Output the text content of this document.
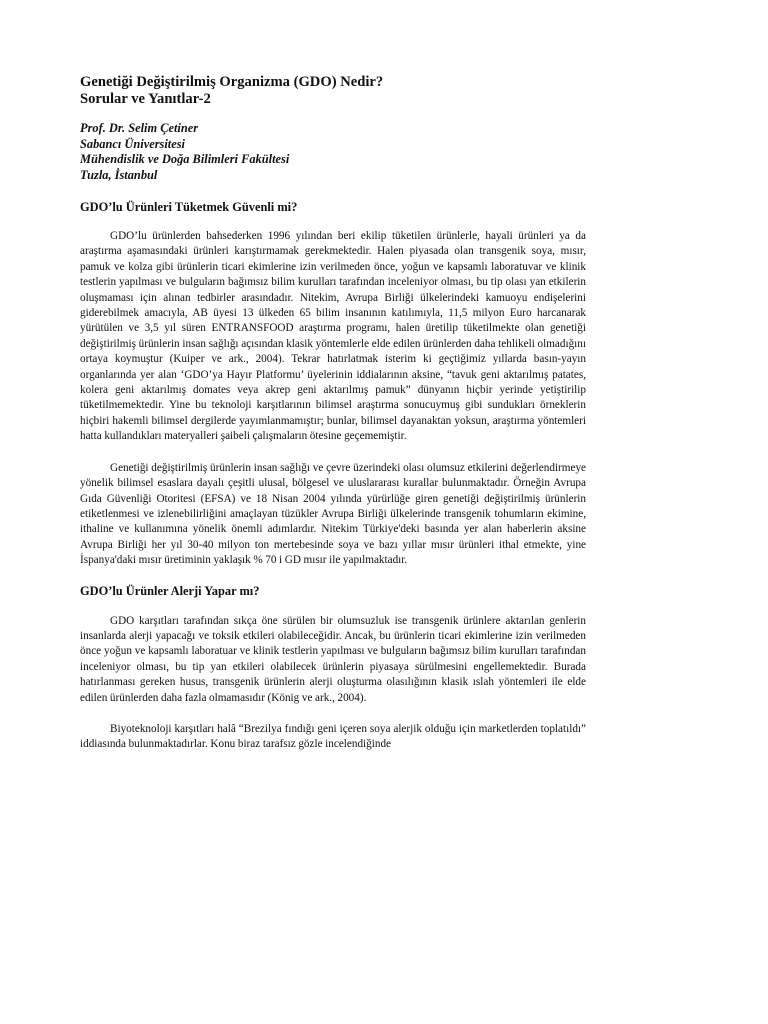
Genetiği Değiştirilmiş Organizma (GDO) Nedir?
Sorular ve Yanıtlar-2
Prof. Dr. Selim Çetiner
Sabancı Üniversitesi
Mühendislik ve Doğa Bilimleri Fakültesi
Tuzla, İstanbul
GDO’lu Ürünleri Tüketmek Güvenli mi?

GDO’lu ürünlerden bahsederken 1996 yılından beri ekilip tüketilen ürünlerle, hayali ürünleri ya da araştırma aşamasındaki ürünleri karıştırmamak gerekmektedir. Halen piyasada olan transgenik soya, mısır, pamuk ve kolza gibi ürünlerin ticari ekimlerine izin verilmeden önce, yoğun ve kapsamlı laboratuvar ve klinik testlerin yapılması ve bulguların bağımsız bilim kurulları tarafından inceleniyor olması, bu tip olası yan etkilerin oluşmaması için alınan tedbirler arasındadır. Nitekim, Avrupa Birliği ülkelerindeki kamuoyu endişelerini giderebilmek amacıyla, AB üyesi 13 ülkeden 65 bilim insanının katılımıyla, 11,5 milyon Euro harcanarak yürütülen ve 3,5 yıl süren ENTRANSFOOD araştırma programı, halen üretilip tüketilmekte olan genetiği değiştirilmiş ürünlerin insan sağlığı açısından klasik yöntemlerle elde edilen ürünlerden daha tehlikeli olmadığını ortaya koymuştur (Kuiper ve ark., 2004). Tekrar hatırlatmak isterim ki geçtiğimiz yıllarda basın-yayın organlarında yer alan ‘GDO’ya Hayır Platformu’ üyelerinin iddialarının aksine, “tavuk geni aktarılmış patates, kolera geni aktarılmış domates veya akrep geni aktarılmış pamuk” dünyanın hiçbir yerinde yetiştirilip tüketilmemektedir. Yine bu teknoloji karşıtlarının bilimsel araştırma sonucuymuş gibi sundukları örneklerin hiçbiri hakemli bilimsel dergilerde yayımlanmamıştır; bunlar, bilimsel dayanaktan yoksun, araştırma yöntemleri hatta kullandıkları materyalleri şaibeli çalışmaların ötesine geçememiştir.

Genetiği değiştirilmiş ürünlerin insan sağlığı ve çevre üzerindeki olası olumsuz etkilerini değerlendirmeye yönelik bilimsel esaslara dayalı çeşitli ulusal, bölgesel ve uluslararası kurallar bulunmaktadır. Örneğin Avrupa Gıda Güvenliği Otoritesi (EFSA) ve 18 Nisan 2004 yılında yürürlüğe giren genetiği değiştirilmiş ürünlerin etiketlenmesi ve izlenebilirliğini amaçlayan tüzükler Avrupa Birliği ülkelerinde transgenik tohumların ekimine, ithaline ve kullanımına yönelik önemli adımlardır. Nitekim Türkiye'deki basında yer alan haberlerin aksine Avrupa Birliği her yıl 30-40 milyon ton mertebesinde soya ve bazı yıllar mısır ürünleri ithal etmekte, yine İspanya'daki mısır üretiminin yaklaşık % 70 i GD mısır ile yapılmaktadır.

GDO’lu Ürünler Alerji Yapar mı?

GDO karşıtları tarafından sıkça öne sürülen bir olumsuzluk ise transgenik ürünlere aktarılan genlerin insanlarda alerji yapacağı ve toksik etkileri olabileceğidir. Ancak, bu ürünlerin ticari ekimlerine izin verilmeden önce yoğun ve kapsamlı laboratuar ve klinik testlerin yapılması ve bulguların bağımsız bilim kurulları tarafından inceleniyor olması, bu tip yan etkileri olabilecek ürünlerin piyasaya sürülmesini engellemektedir. Burada hatırlanması gereken husus, transgenik ürünlerin alerji oluşturma olasılığının klasik ıslah yöntemleri ile elde edilen ürünlerden daha fazla olmamasıdır (König ve ark., 2004).

Biyoteknoloji karşıtları halâ “Brezilya fındığı geni içeren soya alerjik olduğu için marketlerden toplatıldı” iddiasında bulunmaktadırlar. Konu biraz tarafsız gözle incelendiğinde
